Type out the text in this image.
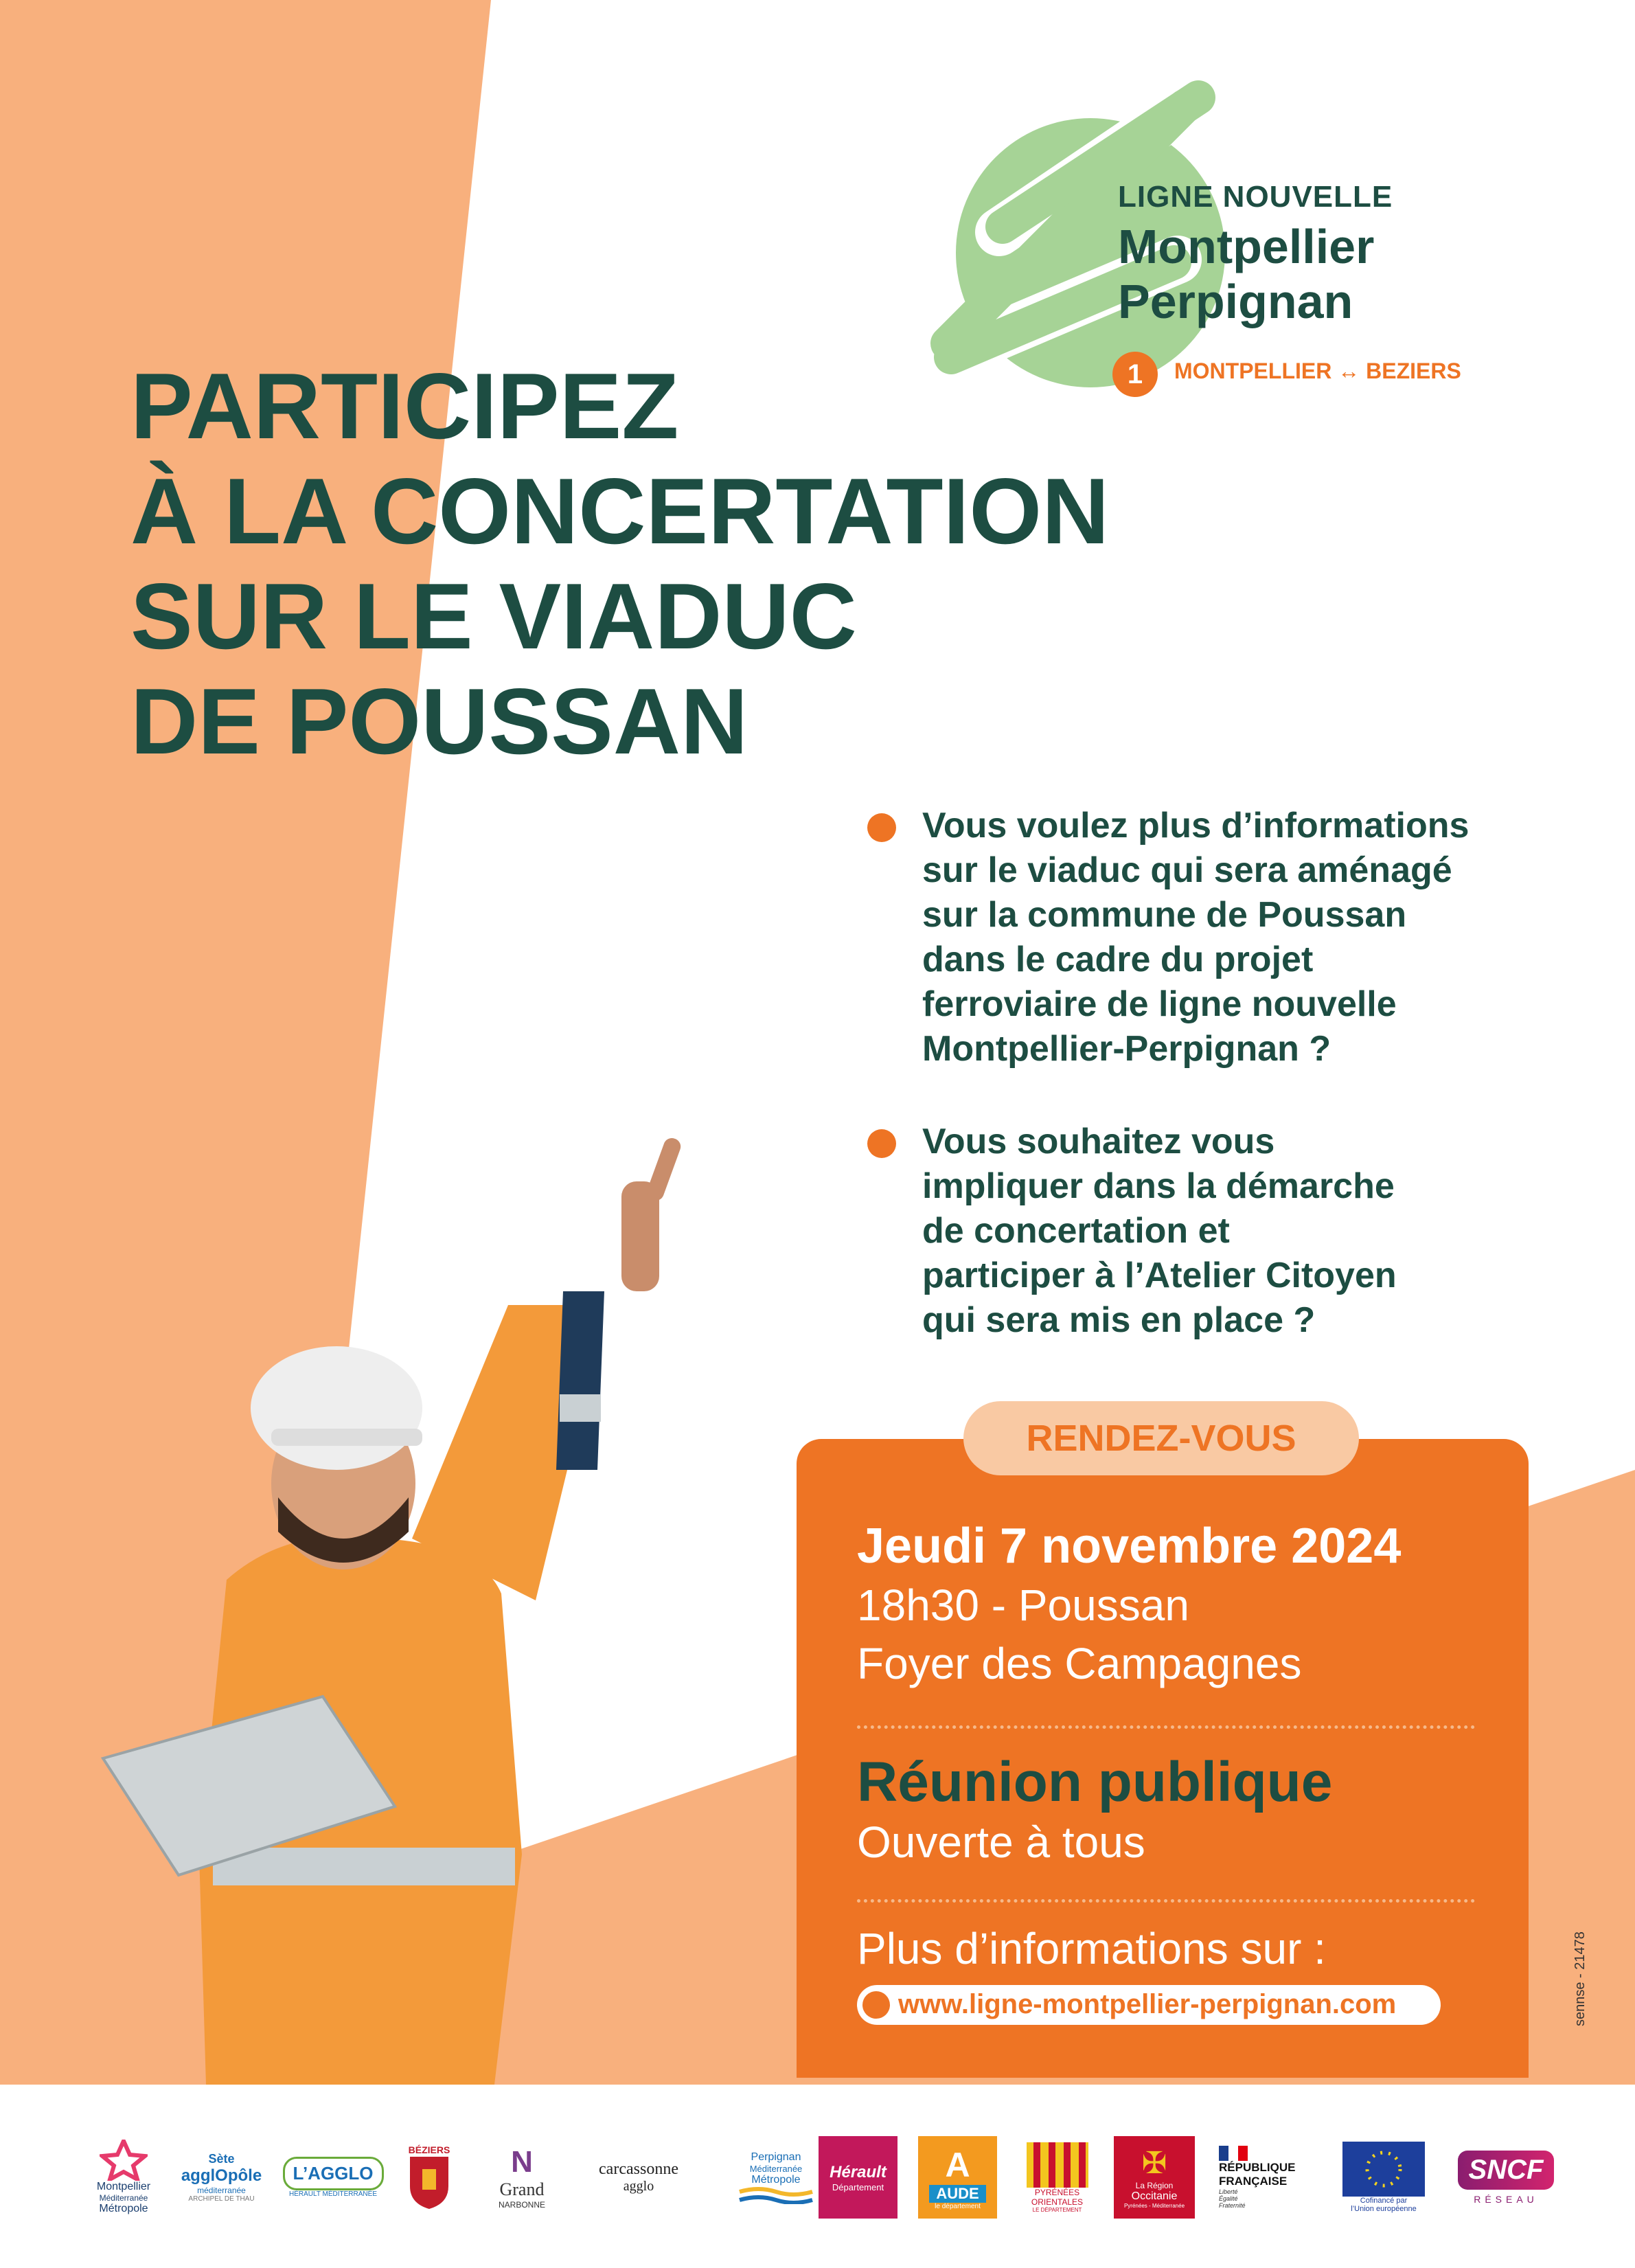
LIGNE NOUVELLE
Montpellier
Perpignan
1	MONTPELLIER ↔ BEZIERS
PARTICIPEZ
À LA CONCERTATION
SUR LE VIADUC
DE POUSSAN
Vous voulez plus d’informations
sur le viaduc qui sera aménagé
sur la commune de Poussan
dans le cadre du projet
ferroviaire de ligne nouvelle
Montpellier-Perpignan ?
Vous souhaitez vous
impliquer dans la démarche
de concertation et
participer à l’Atelier Citoyen
qui sera mis en place ?
RENDEZ-VOUS
Jeudi 7 novembre 2024
18h30 - Poussan
Foyer des Campagnes
Réunion publique
Ouverte à tous
Plus d’informations sur :
www.ligne-montpellier-perpignan.com	sennse - 21478
Montpellier
Méditerranée
Métropole
Sète
agglOpôle
méditerranée
ARCHIPEL DE THAU
L’AGGLO
HÉRAULT MÉDITERRANÉE
BÉZIERS N
Grand
NARBONNE
carcassonne
agglo
Perpignan
Méditerranée
Métropole Hérault
Département
A
AUDE
le département
PYRÉNÉES
ORIENTALES
LE DÉPARTEMENT
✠
La Région
Occitanie
Pyrénées - Méditerranée
RÉPUBLIQUE
FRANÇAISE
Liberté
Égalité
Fraternité
Cofinancé par
l’Union européenne
SNCF
RÉSEAU
